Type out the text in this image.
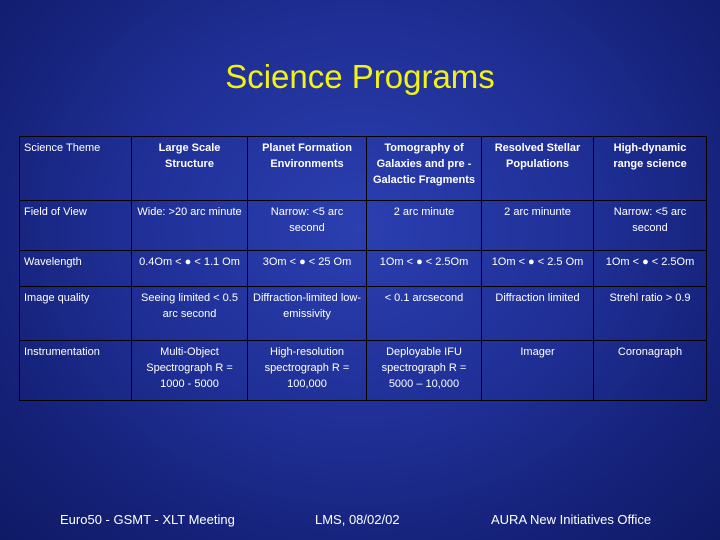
Science Programs
Science Theme	Large Scale Structure	Planet Formation Environments	Tomography of Galaxies and pre -Galactic Fragments	Resolved Stellar Populations	High-dynamic range science
Field of View	Wide: >20 arc minute	Narrow: <5 arc second	2 arc minute	2 arc minunte	Narrow: <5 arc second
Wavelength	0.4Om < ● < 1.1 Om	3Om < ● < 25 Om	1Om < ● < 2.5Om	1Om < ● < 2.5 Om	1Om < ● < 2.5Om
Image quality	Seeing limited < 0.5 arc second	Diffraction-limited low-emissivity	< 0.1 arcsecond	Diffraction limited	Strehl ratio > 0.9
Instrumentation	Multi-Object Spectrograph R = 1000 - 5000	High-resolution spectrograph R = 100,000	Deployable IFU spectrograph R = 5000 – 10,000	Imager	Coronagraph
Euro50 - GSMT - XLT Meeting	LMS, 08/02/02	AURA New Initiatives Office
